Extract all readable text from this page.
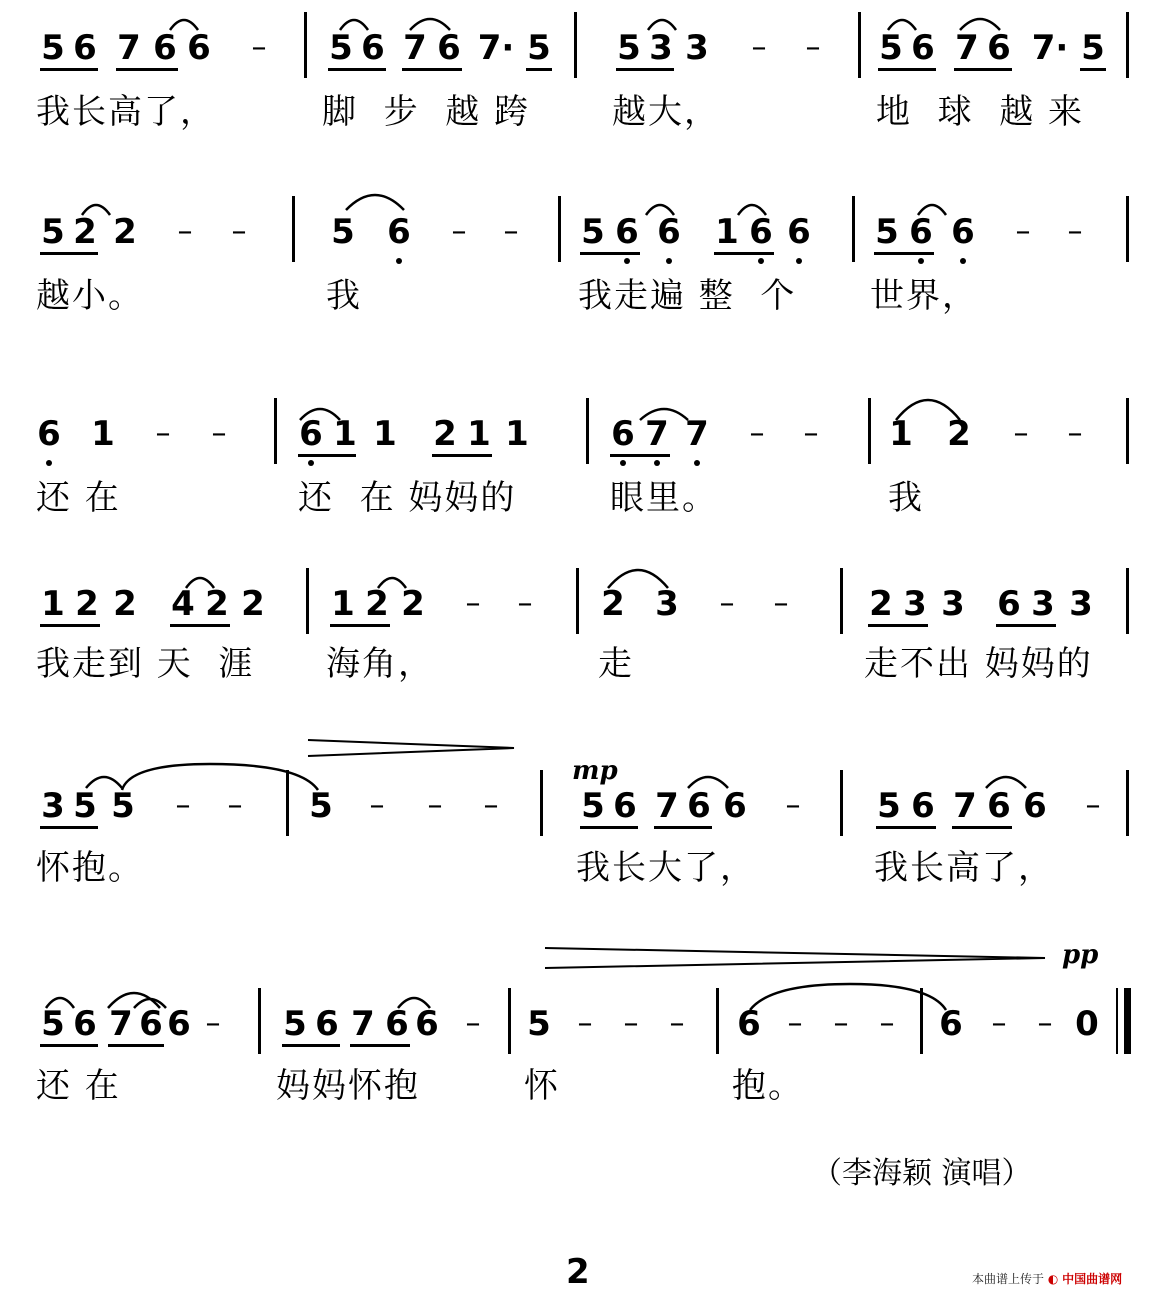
5 6 7 6 6 – 5 6 7 6 7· 5 5 3 3 – – 5 6 7 6 7· 5
我长高了，	脚  步  越 跨 越大，	地  球  越 来
5 2 2 – – 5 6 – – 5 6 6 1 6 6 5 6 6 – –
越小。	我	我走遍 整  个 世界，
6 1 – – 6 1 1 2 1 1 6 7 7 – – 1 2 – –
还 在	还  在 妈妈的	眼里。	我
1 2 2 4 2 2 1 2 2 – – 2 3 – – 2 3 3 6 3 3
我走到 天  涯 海角，	走	走不出 妈妈的
mp
3 5 5 – – 5 – – – 5 6 7 6 6 – 5 6 7 6 6 –
怀抱。	我长大了，	我长高了，
pp
5 6 7 6 6 – 5 6 7 6 6 – 5 – – – 6 – – – 6 – – 0
还 在	妈妈怀抱	怀	抱。
（李海颖 演唱）
2	本曲谱上传于 ◐ 中国曲谱网
